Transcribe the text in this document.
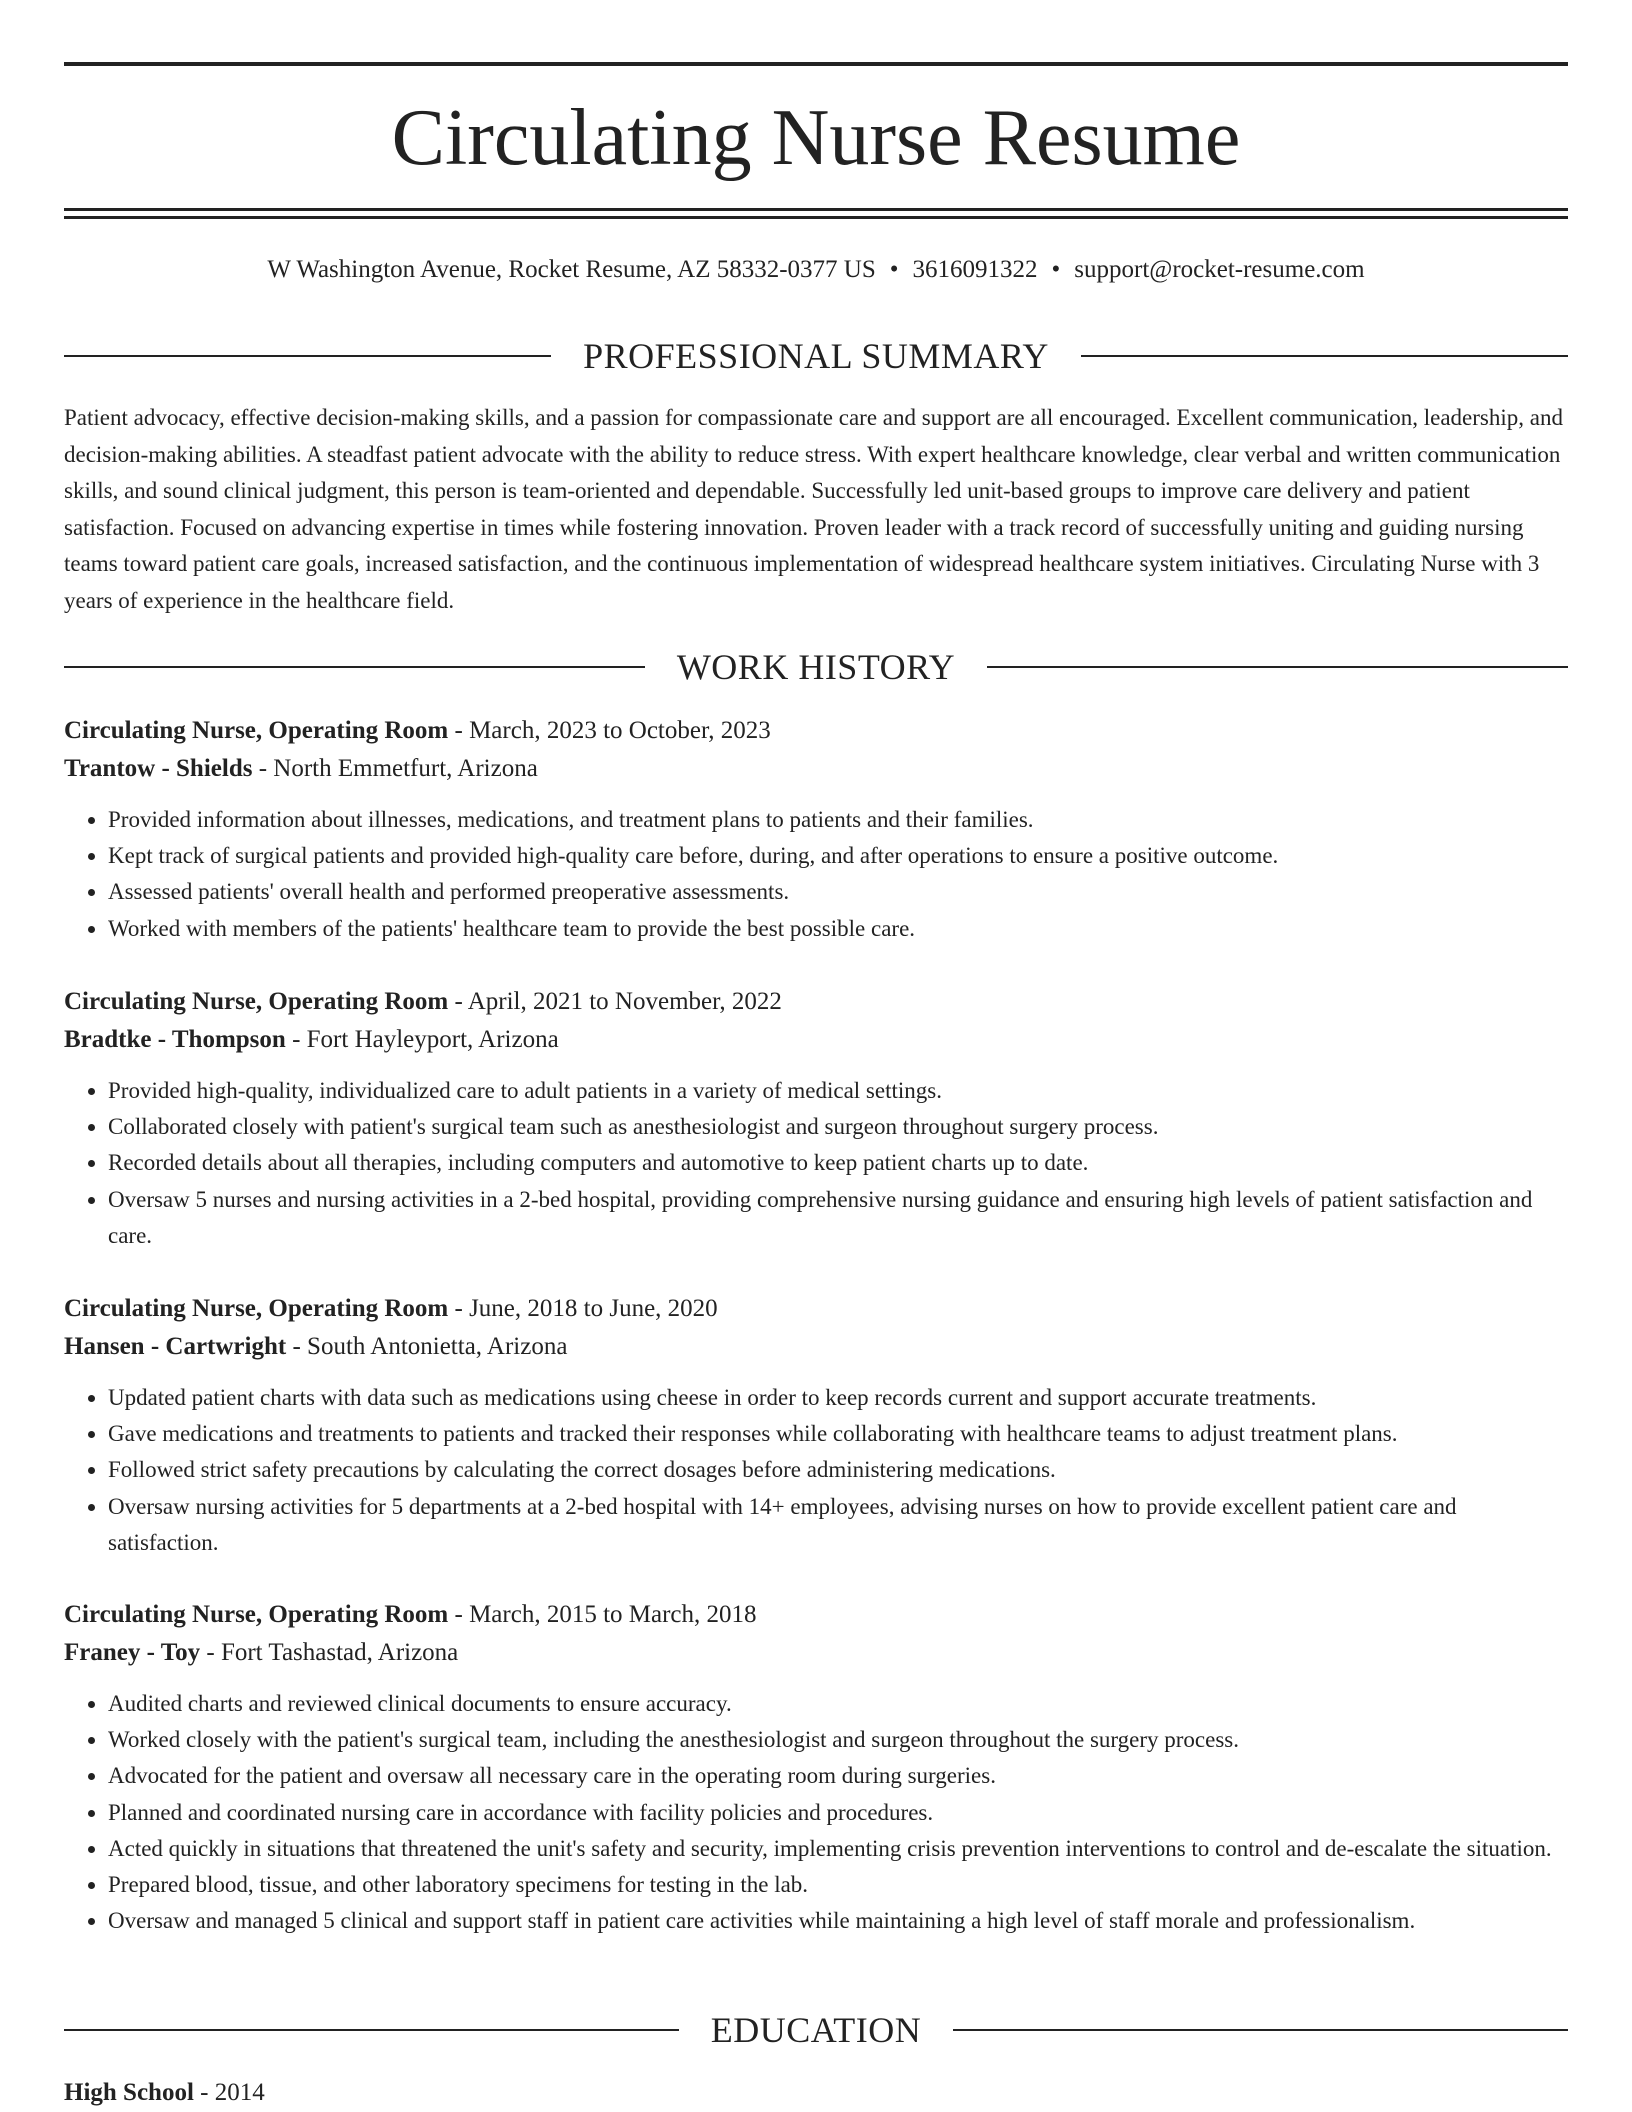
Circulating Nurse Resume
W Washington Avenue, Rocket Resume, AZ 58332-0377 US • 3616091322 • support@rocket-resume.com
PROFESSIONAL SUMMARY

Patient advocacy, effective decision-making skills, and a passion for compassionate care and support are all encouraged. Excellent communication, leadership, and decision-making abilities. A steadfast patient advocate with the ability to reduce stress. With expert healthcare knowledge, clear verbal and written communication skills, and sound clinical judgment, this person is team-oriented and dependable. Successfully led unit-based groups to improve care delivery and patient satisfaction. Focused on advancing expertise in times while fostering innovation. Proven leader with a track record of successfully uniting and guiding nursing teams toward patient care goals, increased satisfaction, and the continuous implementation of widespread healthcare system initiatives. Circulating Nurse with 3 years of experience in the healthcare field.

WORK HISTORY

Circulating Nurse, Operating Room - March, 2023 to October, 2023

Trantow - Shields - North Emmetfurt, Arizona

• Provided information about illnesses, medications, and treatment plans to patients and their families.
• Kept track of surgical patients and provided high-quality care before, during, and after operations to ensure a positive outcome.
• Assessed patients' overall health and performed preoperative assessments.
• Worked with members of the patients' healthcare team to provide the best possible care.

Circulating Nurse, Operating Room - April, 2021 to November, 2022

Bradtke - Thompson - Fort Hayleyport, Arizona

• Provided high-quality, individualized care to adult patients in a variety of medical settings.
• Collaborated closely with patient's surgical team such as anesthesiologist and surgeon throughout surgery process.
• Recorded details about all therapies, including computers and automotive to keep patient charts up to date.
• Oversaw 5 nurses and nursing activities in a 2-bed hospital, providing comprehensive nursing guidance and ensuring high levels of patient satisfaction and care.

Circulating Nurse, Operating Room - June, 2018 to June, 2020

Hansen - Cartwright - South Antonietta, Arizona

• Updated patient charts with data such as medications using cheese in order to keep records current and support accurate treatments.
• Gave medications and treatments to patients and tracked their responses while collaborating with healthcare teams to adjust treatment plans.
• Followed strict safety precautions by calculating the correct dosages before administering medications.
• Oversaw nursing activities for 5 departments at a 2-bed hospital with 14+ employees, advising nurses on how to provide excellent patient care and satisfaction.

Circulating Nurse, Operating Room - March, 2015 to March, 2018

Franey - Toy - Fort Tashastad, Arizona

• Audited charts and reviewed clinical documents to ensure accuracy.
• Worked closely with the patient's surgical team, including the anesthesiologist and surgeon throughout the surgery process.
• Advocated for the patient and oversaw all necessary care in the operating room during surgeries.
• Planned and coordinated nursing care in accordance with facility policies and procedures.
• Acted quickly in situations that threatened the unit's safety and security, implementing crisis prevention interventions to control and de-escalate the situation.
• Prepared blood, tissue, and other laboratory specimens for testing in the lab.
• Oversaw and managed 5 clinical and support staff in patient care activities while maintaining a high level of staff morale and professionalism.
EDUCATION

High School - 2014
